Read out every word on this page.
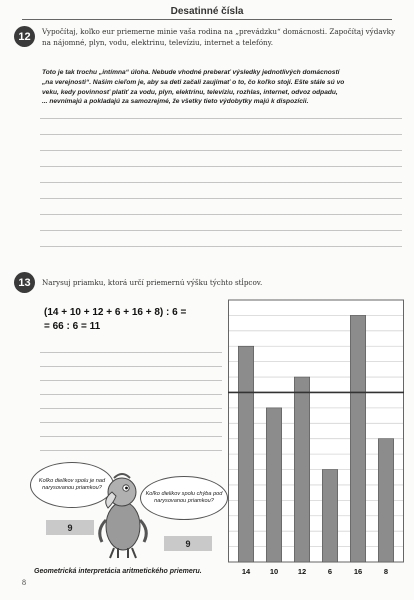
Desatinné čísla
12	Vypočítaj, koľko eur priemerne minie vaša rodina na „prevádzku“ domácnosti. Započítaj výdavky
na nájomné, plyn, vodu, elektrinu, televíziu, internet a telefóny.
Toto je tak trochu „intímna“ úloha. Nebude vhodné preberať výsledky jednotlivých domácností
„na verejnosti“. Našim cieľom je, aby sa deti začali zaujímať o to, čo koľko stojí. Ešte stále sú vo
veku, kedy povinnosť platiť za vodu, plyn, elektrinu, televíziu, rozhlas, internet, odvoz odpadu,
... nevnímajú a pokladajú za samozrejmé, že všetky tieto výdobytky majú k dispozícii.
13	Narysuj priamku, ktorá určí priemernú výšku týchto stĺpcov.
(14 + 10 + 12 + 6 + 16 + 8) : 6 =
= 66 : 6 = 11
Koľko dielikov spolu je nad narysovanou priamkou?
Koľko dielikov spolu chýba pod narysovanou priamkou?
9
9
14	10	12	6	16	8
Geometrická interpretácia aritmetického priemeru.
8
